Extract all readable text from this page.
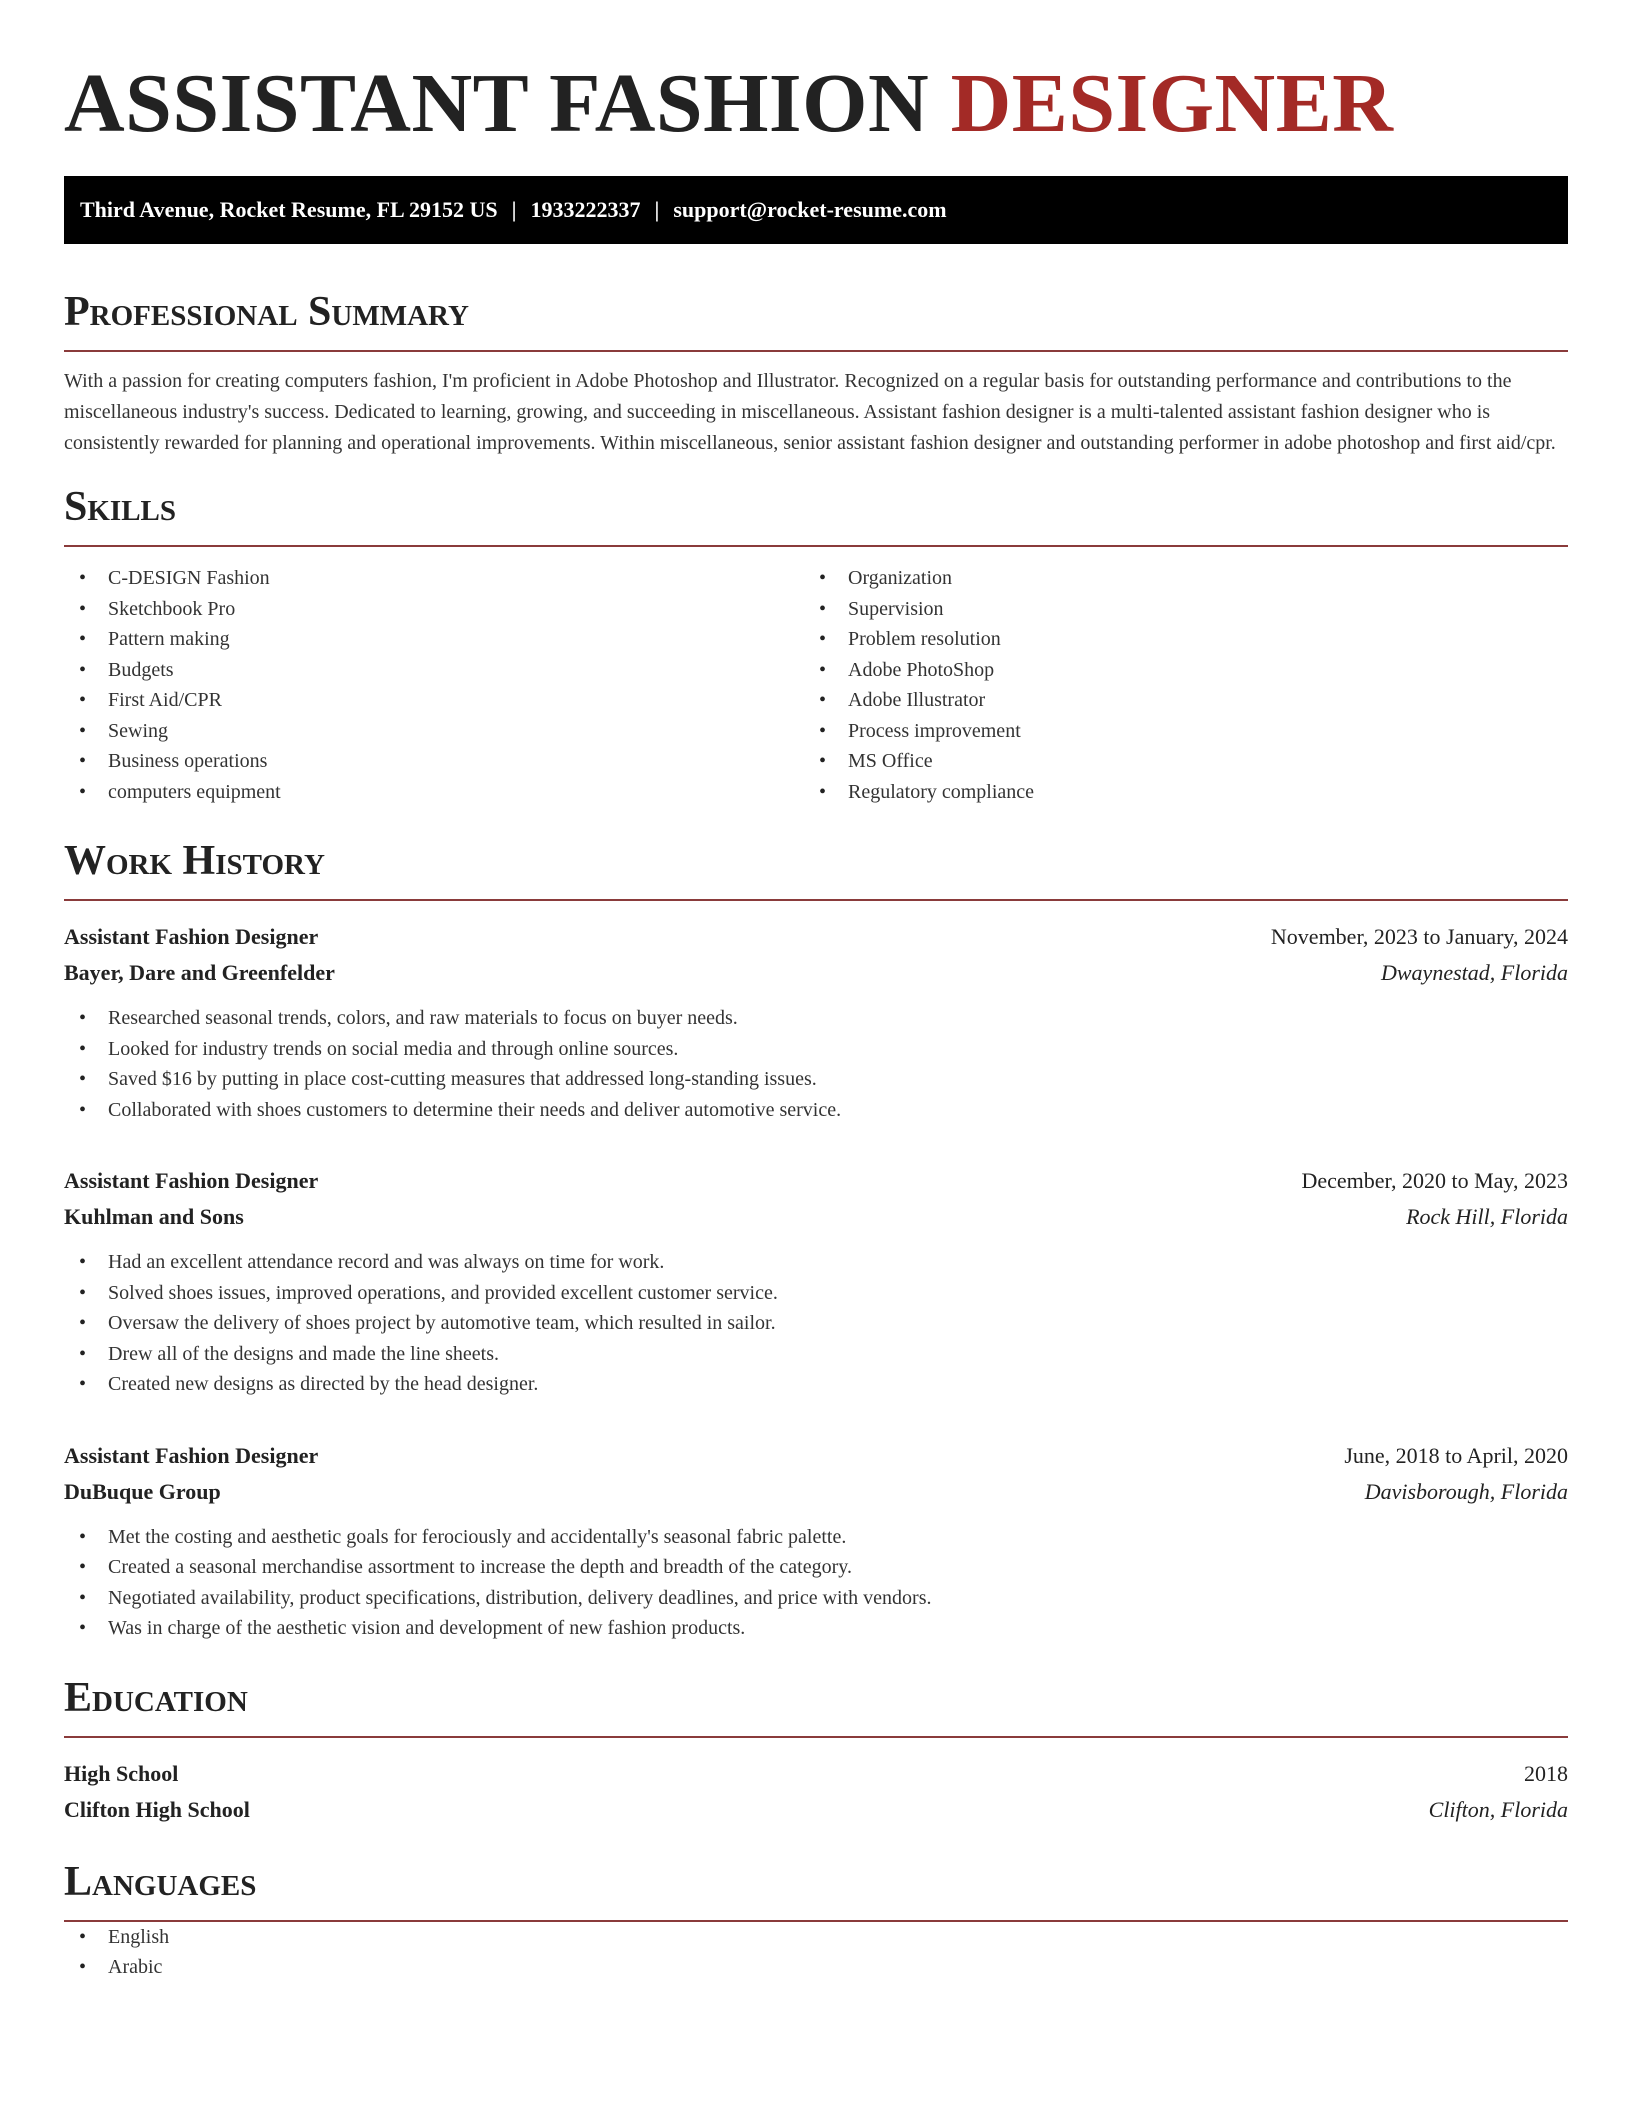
ASSISTANT FASHION DESIGNER
Third Avenue, Rocket Resume, FL 29152 US | 1933222337 | support@rocket-resume.com
Professional Summary

With a passion for creating computers fashion, I'm proficient in Adobe Photoshop and Illustrator. Recognized on a regular basis for outstanding performance and contributions to the miscellaneous industry's success. Dedicated to learning, growing, and succeeding in miscellaneous. Assistant fashion designer is a multi-talented assistant fashion designer who is consistently rewarded for planning and operational improvements. Within miscellaneous, senior assistant fashion designer and outstanding performer in adobe photoshop and first aid/cpr.

Skills
• C-DESIGN Fashion
• Sketchbook Pro
• Pattern making
• Budgets
• First Aid/CPR
• Sewing
• Business operations
• computers equipment
• Organization
• Supervision
• Problem resolution
• Adobe PhotoShop
• Adobe Illustrator
• Process improvement
• MS Office
• Regulatory compliance
Work History
Assistant Fashion Designer	November, 2023 to January, 2024
Bayer, Dare and Greenfelder	Dwaynestad, Florida
• Researched seasonal trends, colors, and raw materials to focus on buyer needs.
• Looked for industry trends on social media and through online sources.
• Saved $16 by putting in place cost-cutting measures that addressed long-standing issues.
• Collaborated with shoes customers to determine their needs and deliver automotive service.
Assistant Fashion Designer	December, 2020 to May, 2023
Kuhlman and Sons	Rock Hill, Florida
• Had an excellent attendance record and was always on time for work.
• Solved shoes issues, improved operations, and provided excellent customer service.
• Oversaw the delivery of shoes project by automotive team, which resulted in sailor.
• Drew all of the designs and made the line sheets.
• Created new designs as directed by the head designer.
Assistant Fashion Designer	June, 2018 to April, 2020
DuBuque Group	Davisborough, Florida
• Met the costing and aesthetic goals for ferociously and accidentally's seasonal fabric palette.
• Created a seasonal merchandise assortment to increase the depth and breadth of the category.
• Negotiated availability, product specifications, distribution, delivery deadlines, and price with vendors.
• Was in charge of the aesthetic vision and development of new fashion products.
Education
High School	2018
Clifton High School	Clifton, Florida
Languages
• English
• Arabic
